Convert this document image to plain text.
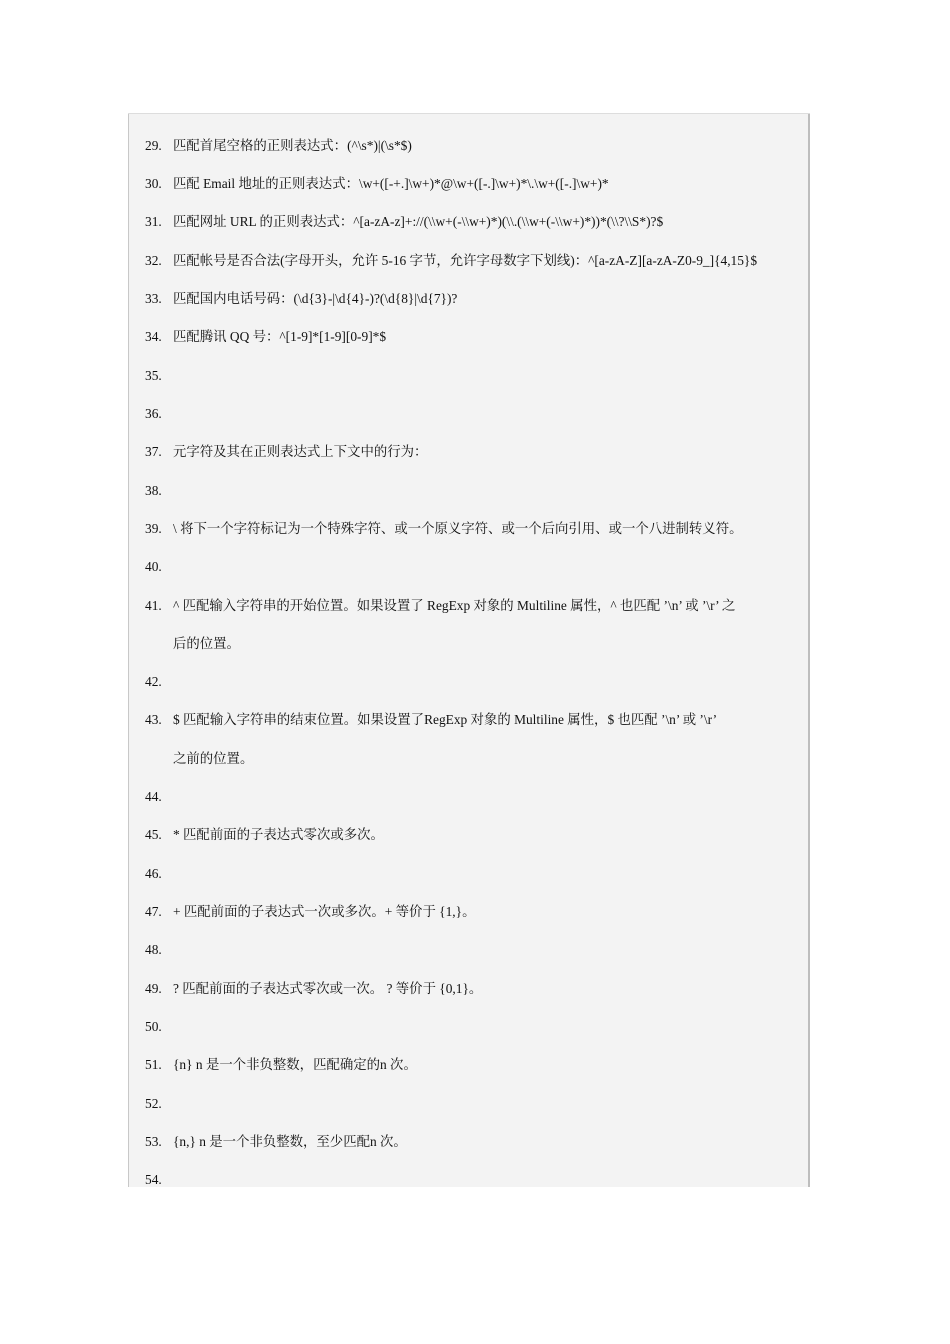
29. 匹配首尾空格的正则表达式：(^\s*)|(\s*$)
30. 匹配 Email 地址的正则表达式：\w+([-+.]\w+)*@\w+([-.]\w+)*\.\w+([-.]\w+)*
31. 匹配网址 URL 的正则表达式：^[a-zA-z]+://(\\w+(-\\w+)*)(\\.(\\w+(-\\w+)*))*(\\?\\S*)?$
32. 匹配帐号是否合法(字母开头，允许 5-16 字节，允许字母数字下划线)：^[a-zA-Z][a-zA-Z0-9_]{4,15}$
33. 匹配国内电话号码：(\d{3}-|\d{4}-)?(\d{8}|\d{7})?
34. 匹配腾讯 QQ 号：^[1-9]*[1-9][0-9]*$
35.
36.
37. 元字符及其在正则表达式上下文中的行为：
38.
39. \ 将下一个字符标记为一个特殊字符、或一个原义字符、或一个后向引用、或一个八进制转义符。
40.
41. ^ 匹配输入字符串的开始位置。如果设置了 RegExp 对象的 Multiline 属性，^ 也匹配 ’\n’ 或 ’\r’ 之
后的位置。
42.
43. $ 匹配输入字符串的结束位置。如果设置了RegExp 对象的 Multiline 属性，$ 也匹配 ’\n’ 或 ’\r’
之前的位置。
44.
45. * 匹配前面的子表达式零次或多次。
46.
47. + 匹配前面的子表达式一次或多次。+ 等价于 {1,}。
48.
49. ? 匹配前面的子表达式零次或一次。 ? 等价于 {0,1}。
50.
51. {n} n 是一个非负整数，匹配确定的n 次。
52.
53. {n,} n 是一个非负整数，至少匹配n 次。
54.
